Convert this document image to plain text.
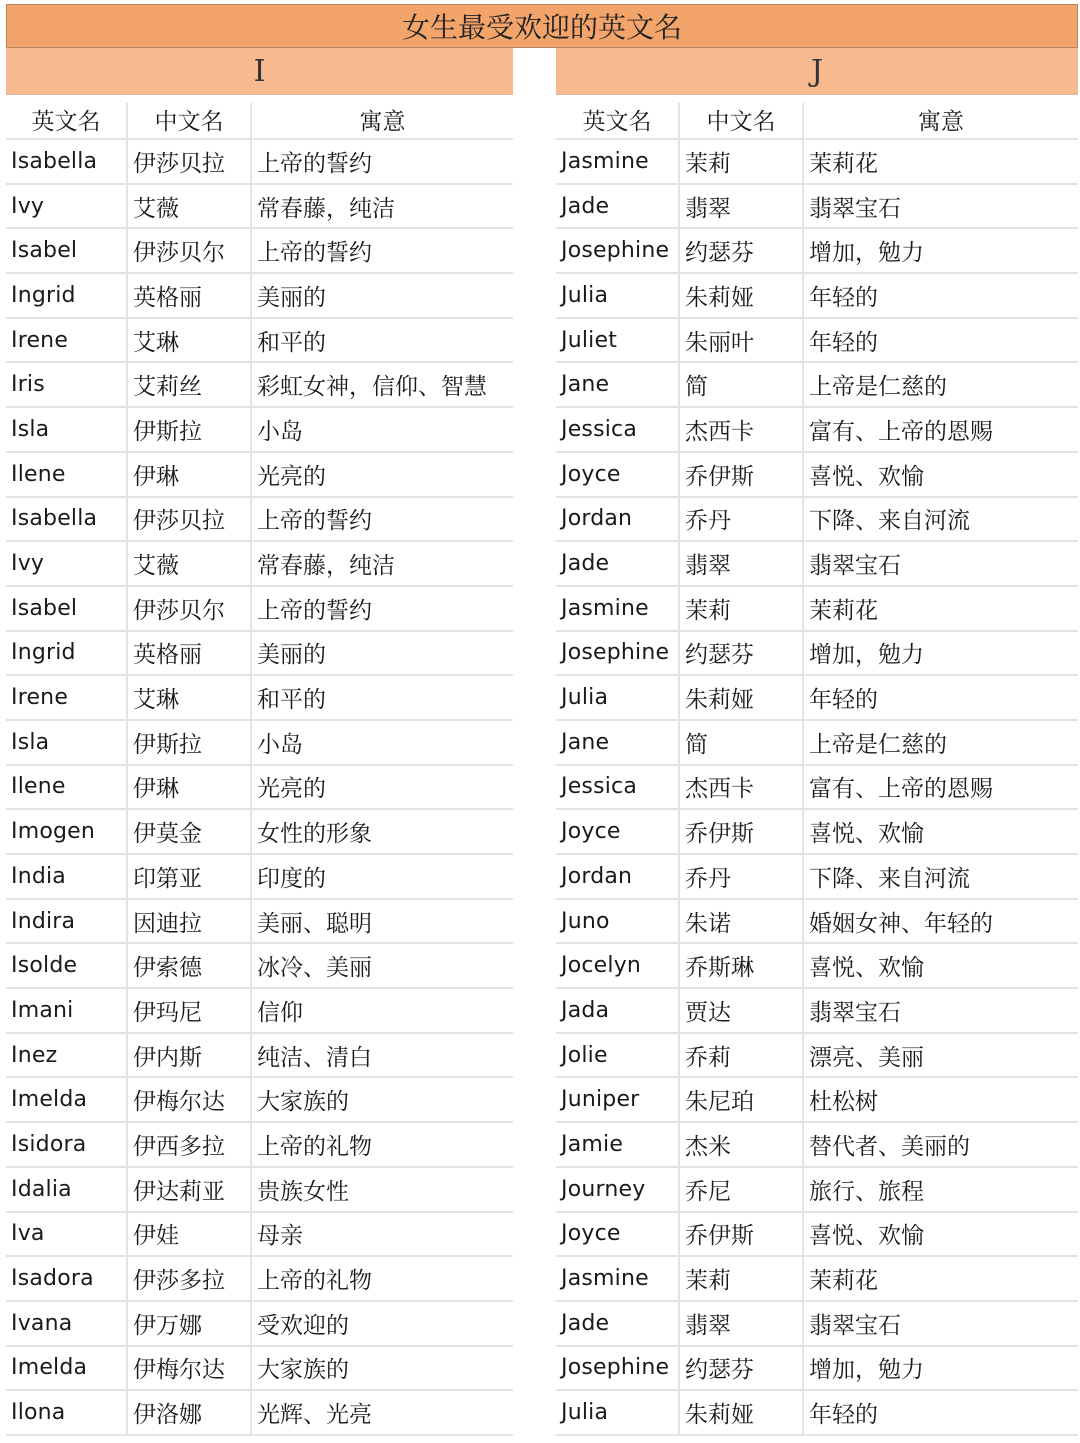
女生最受欢迎的英文名
I
英文名	中文名	寓意
Isabella	伊莎贝拉	上帝的誓约
Ivy	艾薇	常春藤，纯洁
Isabel	伊莎贝尔	上帝的誓约
Ingrid	英格丽	美丽的
Irene	艾琳	和平的
Iris	艾莉丝	彩虹女神，信仰、智慧
Isla	伊斯拉	小岛
Ilene	伊琳	光亮的
Isabella	伊莎贝拉	上帝的誓约
Ivy	艾薇	常春藤，纯洁
Isabel	伊莎贝尔	上帝的誓约
Ingrid	英格丽	美丽的
Irene	艾琳	和平的
Isla	伊斯拉	小岛
Ilene	伊琳	光亮的
Imogen	伊莫金	女性的形象
India	印第亚	印度的
Indira	因迪拉	美丽、聪明
Isolde	伊索德	冰冷、美丽
Imani	伊玛尼	信仰
Inez	伊内斯	纯洁、清白
Imelda	伊梅尔达	大家族的
Isidora	伊西多拉	上帝的礼物
Idalia	伊达莉亚	贵族女性
Iva	伊娃	母亲
Isadora	伊莎多拉	上帝的礼物
Ivana	伊万娜	受欢迎的
Imelda	伊梅尔达	大家族的
Ilona	伊洛娜	光辉、光亮
J
英文名	中文名	寓意
Jasmine	茉莉	茉莉花
Jade	翡翠	翡翠宝石
Josephine 约瑟芬	增加，勉力
Julia	朱莉娅	年轻的
Juliet	朱丽叶	年轻的
Jane	简	上帝是仁慈的
Jessica	杰西卡	富有、上帝的恩赐
Joyce	乔伊斯	喜悦、欢愉
Jordan	乔丹	下降、来自河流
Jade	翡翠	翡翠宝石
Jasmine	茉莉	茉莉花
Josephine 约瑟芬	增加，勉力
Julia	朱莉娅	年轻的
Jane	简	上帝是仁慈的
Jessica	杰西卡	富有、上帝的恩赐
Joyce	乔伊斯	喜悦、欢愉
Jordan	乔丹	下降、来自河流
Juno	朱诺	婚姻女神、年轻的
Jocelyn	乔斯琳	喜悦、欢愉
Jada	贾达	翡翠宝石
Jolie	乔莉	漂亮、美丽
Juniper	朱尼珀	杜松树
Jamie	杰米	替代者、美丽的
Journey	乔尼	旅行、旅程
Joyce	乔伊斯	喜悦、欢愉
Jasmine	茉莉	茉莉花
Jade	翡翠	翡翠宝石
Josephine 约瑟芬	增加，勉力
Julia	朱莉娅	年轻的
